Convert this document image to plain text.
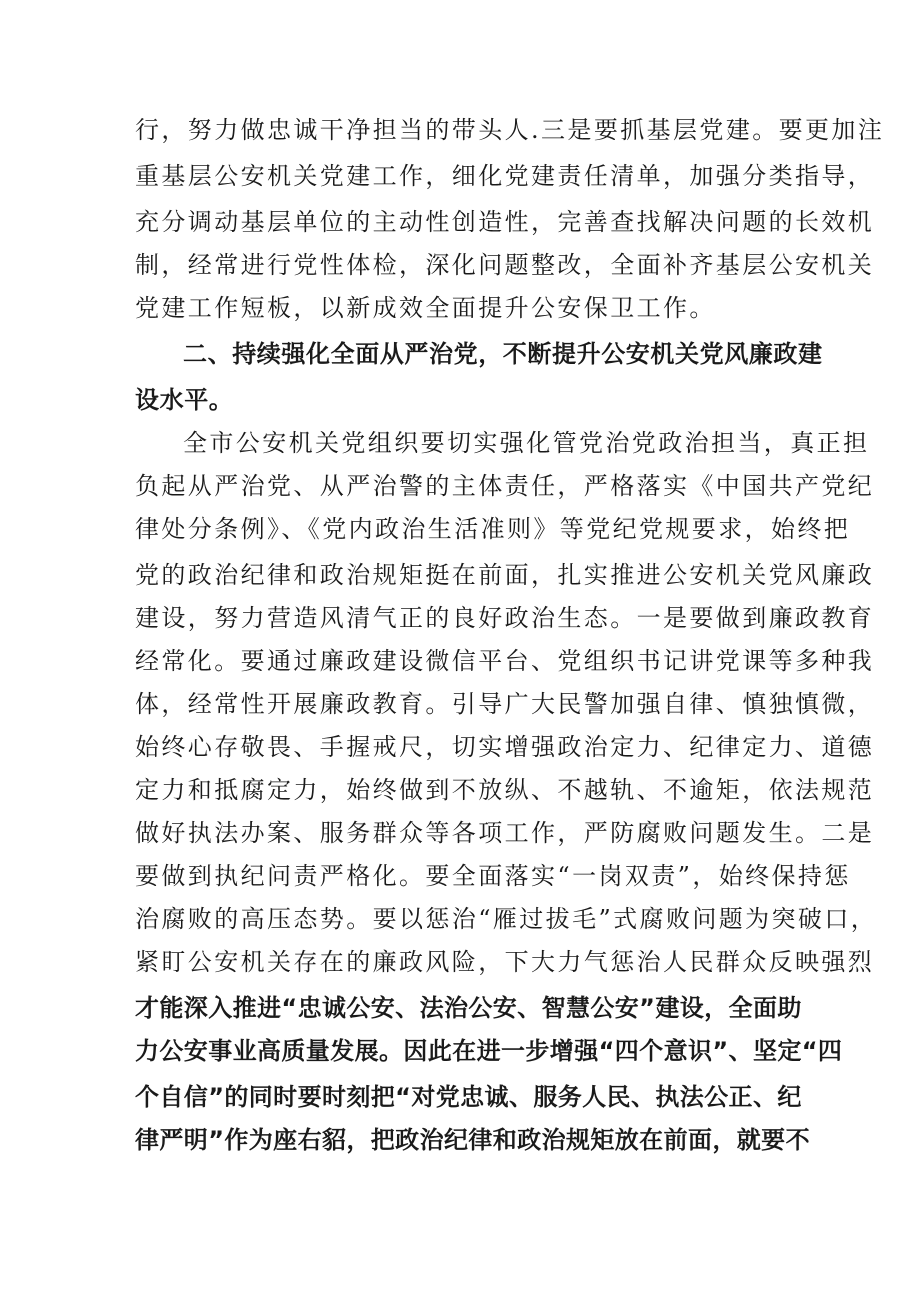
行，努力做忠诚干净担当的带头人.三是要抓基层党建。要更加注
重基层公安机关党建工作，细化党建责任清单，加强分类指导，
充分调动基层单位的主动性创造性，完善查找解决问题的长效机
制，经常进行党性体检，深化问题整改，全面补齐基层公安机关
党建工作短板，以新成效全面提升公安保卫工作。
二、持续强化全面从严治党，不断提升公安机关党风廉政建
设水平。
全市公安机关党组织要切实强化管党治党政治担当，真正担
负起从严治党、从严治警的主体责任，严格落实《中国共产党纪
律处分条例》、《党内政治生活准则》等党纪党规要求，始终把
党的政治纪律和政治规矩挺在前面，扎实推进公安机关党风廉政
建设，努力营造风清气正的良好政治生态。一是要做到廉政教育
经常化。要通过廉政建设微信平台、党组织书记讲党课等多种我
体，经常性开展廉政教育。引导广大民警加强自律、慎独慎微，
始终心存敬畏、手握戒尺，切实增强政治定力、纪律定力、道德
定力和抵腐定力，始终做到不放纵、不越轨、不逾矩，依法规范
做好执法办案、服务群众等各项工作，严防腐败问题发生。二是
要做到执纪问责严格化。要全面落实“一岗双责”，始终保持惩
治腐败的高压态势。要以惩治“雁过拔毛”式腐败问题为突破口，
紧盯公安机关存在的廉政风险，下大力气惩治人民群众反映强烈
才能深入推进“忠诚公安、法治公安、智慧公安”建设，全面助
力公安事业高质量发展。因此在进一步增强“四个意识”、坚定“四
个自信”的同时要时刻把“对党忠诚、服务人民、执法公正、纪
律严明”作为座右貂，把政治纪律和政治规矩放在前面，就要不
